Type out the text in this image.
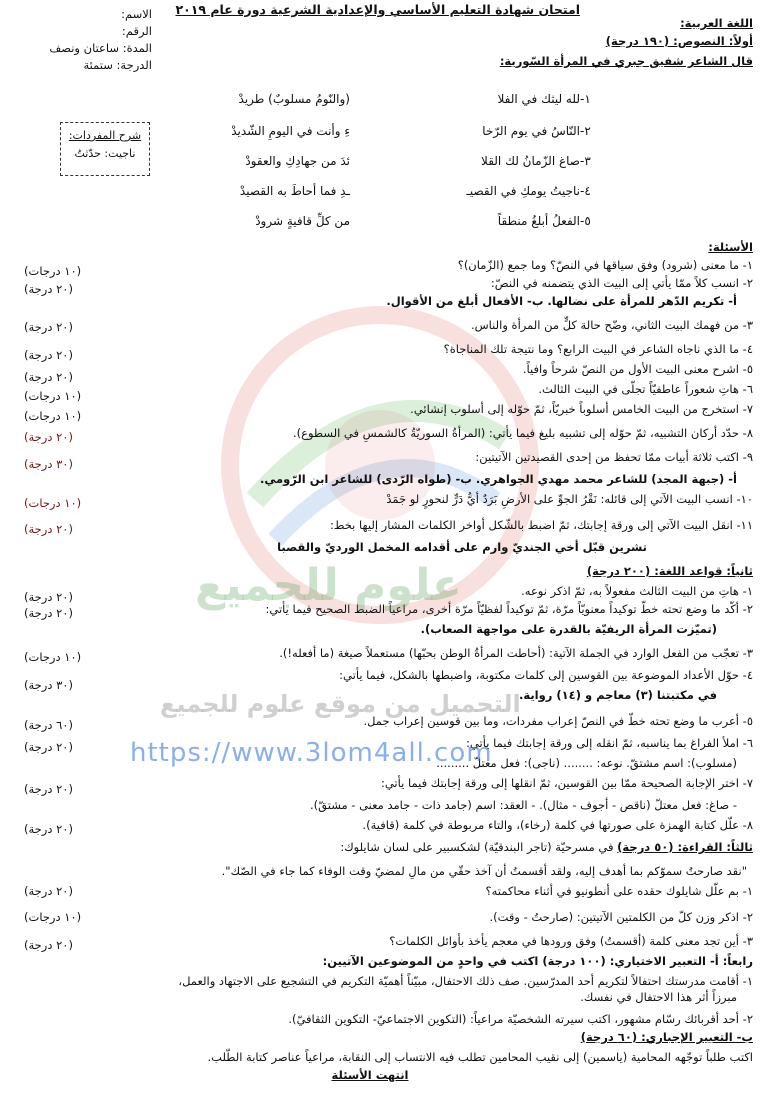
امتحان شهادة التعليم الأساسي والإعدادية الشرعية دورة عام ٢٠١٩
الاسم:
الرقم:
المدة: ساعتان ونصف
الدرجة: ستمئة
اللغة العربية:
أولاً: النصوص: (١٩٠ درجة)
قال الشاعر شفيق جبري في المرأة السّورية:
١-
لله ليثك في الفلا
(والنّومُ مسلوبٌ) طريدْ
٢-
النّاسُ في يوم الرّخا
ءِ وأنت في اليومِ الشّديدْ
٣-
صاغ الزّمانُ لك القلا
ئدَ من جهادِكِ والعقودْ
٤-
ناجيتُ يومكِ في القصيـ
ـدِ فما أحاطَ به القصيدْ
٥-
الفعلُ أبلغُ منطقاً
من كلِّ قافيةٍ شرودْ
شرح المفردات:
ناجيت: حدّثتُ
الأسئلة:
١- ما معنى (شرود) وفق سياقها في النصّ؟ وما جمع (الزّمان)؟
(١٠ درجات)
٢- انسب كلاً ممّا يأتي إلى البيت الذي يتضمنه في النصّ:
(٢٠ درجة)
أ- تكريم الدّهر للمرأة على نضالها. ب- الأفعال أبلغ من الأقوال.
٣- من فهمك البيت الثاني، وضّح حالة كلٍّ من المرأة والناس.
(٢٠ درجة)
٤- ما الذي ناجاه الشاعر في البيت الرابع؟ وما نتيجة تلك المناجاة؟
(٢٠ درجة)
٥- اشرح معنى البيت الأول من النصّ شرحاً وافياً.
(٢٠ درجة)
٦- هاتِ شعوراً عاطفيّاً تجلّى في البيت الثالث.
(١٠ درجات)
٧- استخرج من البيت الخامس أسلوباً خبريّاً، ثمّ حوّله إلى أسلوب إنشائي.
(١٠ درجات)
٨- حدّد أركان التشبيه، ثمّ حوّله إلى تشبيه بليغ فيما يأتي: (المرأةُ السوريّةُ كالشمسِ في السطوع).
(٢٠ درجة)
٩- اكتب ثلاثة أبيات ممّا تحفظ من إحدى القصيدتين الآتيتين:
(٣٠ درجة)
أ- (جبهة المجد) للشاعر محمد مهدي الجواهري. ب- (طواه الرّدى) للشاعر ابن الرّومي.
١٠- انسب البيت الآتي إلى قائله: نَقْرُ الجوِّ على الأرضِ بَرَدٌ أيُّ دَرٍّ لنحورٍ لو جَمَدْ
(١٠ درجات)
١١- انقل البيت الآتي إلى ورقة إجابتك، ثمّ اضبط بالشّكل أواخر الكلمات المشار إليها بخط:
(٢٠ درجة)
تشرين قبّل أخي الجنديّ وارم على أقدامه المخمل الورديّ والقصبا
ثانياً: قواعد اللغة: (٢٠٠ درجة)
١- هاتِ من البيت الثالث مفعولاً به، ثمّ اذكر نوعه.
(٢٠ درجة)
٢- أكّد ما وضع تحته خطّ توكيداً معنويّاً مرّة، ثمّ توكيداً لفظيّاً مرّة أخرى، مراعياً الضبط الصحيح فيما يأتي:
(٢٠ درجة)
(تميّزت المرأة الريفيّة بالقدرة على مواجهة الصعاب).
٣- تعجّب من الفعل الوارد في الجملة الآتية: (أحاطت المرأةُ الوطن بحبّها) مستعملاً صيغة (ما أفعله!).
(١٠ درجات)
٤- حوّل الأعداد الموضوعة بين القوسين إلى كلمات مكتوبة، واضبطها بالشكل، فيما يأتي:
(٣٠ درجة)
في مكتبتنا (٣) معاجم و (١٤) رواية.
٥- أعرب ما وضع تحته خطّ في النصّ إعراب مفردات، وما بين قوسين إعراب جمل.
(٦٠ درجة)
٦- املأ الفراغ بما يناسبه، ثمّ انقله إلى ورقة إجابتك فيما يأتي:
(٢٠ درجة)
(مسلوب): اسم مشتقّ. نوعه: ........ (ناجى): فعل معتلّ .........
٧- اختر الإجابة الصحيحة ممّا بين القوسين، ثمّ انقلها إلى ورقة إجابتك فيما يأتي:
(٢٠ درجة)
- صاغ: فعل معتلّ (ناقص - أجوف - مثال). - العقد: اسم (جامد ذات - جامد معنى - مشتقّ).
٨- علّل كتابة الهمزة على صورتها في كلمة (رخاء)، والتاء مربوطة في كلمة (قافية).
(٢٠ درجة)
ثالثاً: القراءة: (٥٠ درجة) في مسرحيّة (تاجر البندقيّة) لشكسبير على لسان شايلوك:
"نقد صارحتُ سموّكم بما أهدف إليه، ولقد أقسمتُ أن آخذ حقّي من مالِ لمضيّ وقت الوفاء كما جاء في الصّك".
١- بم علّل شايلوك حقده على أنطونيو في أثناء محاكمته؟
(٢٠ درجة)
٢- اذكر وزن كلّ من الكلمتين الآتيتين: (صارحتُ - وقت).
(١٠ درجات)
٣- أين تجد معنى كلمة (أقسمتُ) وفق ورودها في معجم يأخذ بأوائل الكلمات؟
(٢٠ درجة)
رابعاً: أ- التعبير الاختياري: (١٠٠ درجة) اكتب في واحدٍ من الموضوعين الآتيين:
١- أقامت مدرستك احتفالاً لتكريم أحد المدرّسين. صف ذلك الاحتفال، مبيّناً أهميّة التكريم في التشجيع على الاجتهاد والعمل،
مبرزاً أثر هذا الاحتفال في نفسك.
٢- أحد أقربائك رسّام مشهور، اكتب سيرته الشخصيّة مراعياً: (التكوين الاجتماعيّ- التكوين الثقافيّ).
ب- التعبير الإجباري: (٦٠ درجة)
اكتب طلباً توجّهه المحامية (ياسمين) إلى نقيب المحامين تطلب فيه الانتساب إلى النقابة، مراعياً عناصر كتابة الطّلب.
انتهت الأسئلة
علوم للجميع
التحميل من موقع علوم للجميع
https://www.3lom4all.com
